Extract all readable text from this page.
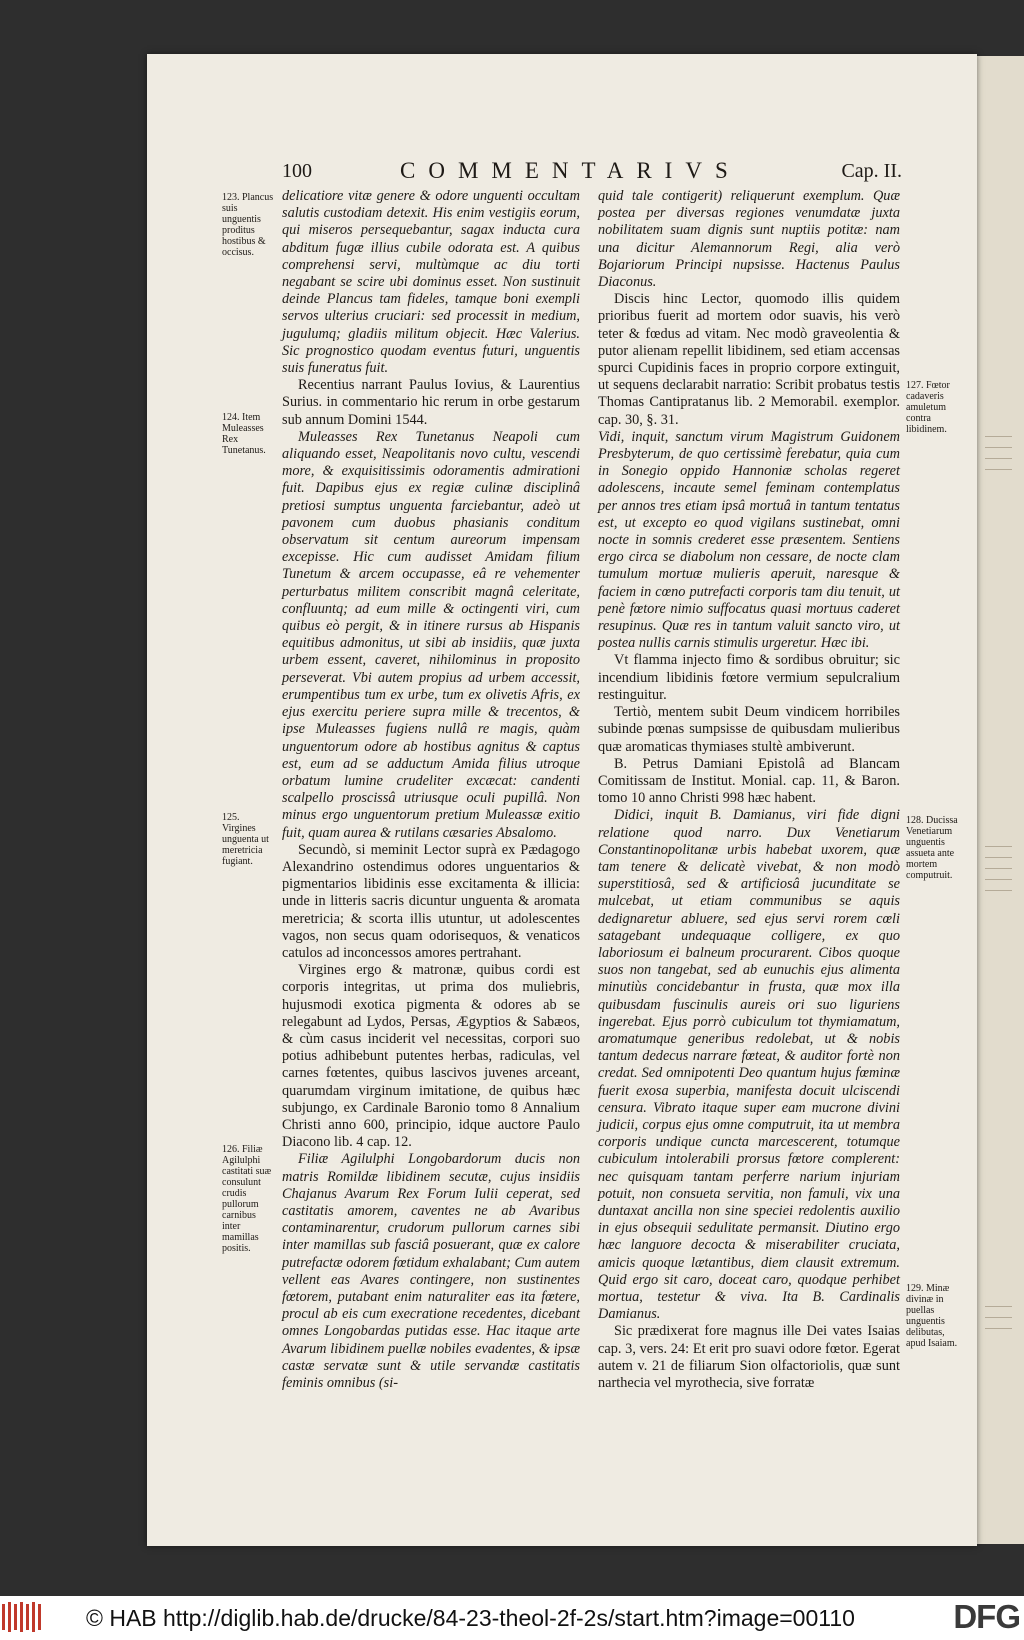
100	COMMENTARIVS	Cap. II.

delicatiore vitæ genere & odore unguenti occultam salutis custodiam detexit. His enim vestigiis eorum, qui miseros persequebantur, sagax inducta cura abditum fugæ illius cubile odorata est. A quibus comprehensi servi, multùmque ac diu torti negabant se scire ubi dominus esset. Non sustinuit deinde Plancus tam fideles, tamque boni exempli servos ulterius cruciari: sed processit in medium, jugulumq; gladiis militum objecit. Hæc Valerius. Sic prognostico quodam eventus futuri, unguentis suis funeratus fuit.

Recentius narrant Paulus Iovius, & Laurentius Surius. in commentario hic rerum in orbe gestarum sub annum Domini 1544.

Muleasses Rex Tunetanus Neapoli cum aliquando esset, Neapolitanis novo cultu, vescendi more, & exquisitissimis odoramentis admirationi fuit. Dapibus ejus ex regiæ culinæ disciplinâ pretiosi sumptus unguenta farciebantur, adeò ut pavonem cum duobus phasianis conditum observatum sit centum aureorum impensam excepisse. Hic cum audisset Amidam filium Tunetum & arcem occupasse, eâ re vehementer perturbatus militem conscribit magnâ celeritate, confluuntq; ad eum mille & octingenti viri, cum quibus eò pergit, & in itinere rursus ab Hispanis equitibus admonitus, ut sibi ab insidiis, quæ juxta urbem essent, caveret, nihilominus in proposito perseverat. Vbi autem propius ad urbem accessit, erumpentibus tum ex urbe, tum ex olivetis Afris, ex ejus exercitu periere supra mille & trecentos, & ipse Muleasses fugiens nullâ re magis, quàm unguentorum odore ab hostibus agnitus & captus est, eum ad se adductum Amida filius utroque orbatum lumine crudeliter excæcat: candenti scalpello proscissâ utriusque oculi pupillâ. Non minus ergo unguentorum pretium Muleassæ exitio fuit, quam aurea & rutilans cæsaries Absalomo.

Secundò, si meminit Lector suprà ex Pædagogo Alexandrino ostendimus odores unguentarios & pigmentarios libidinis esse excitamenta & illicia: unde in litteris sacris dicuntur unguenta & aromata meretricia; & scorta illis utuntur, ut adolescentes vagos, non secus quam odorisequos, & venaticos catulos ad inconcessos amores pertrahant.

Virgines ergo & matronæ, quibus cordi est corporis integritas, ut prima dos muliebris, hujusmodi exotica pigmenta & odores ab se relegabunt ad Lydos, Persas, Ægyptios & Sabæos, & cùm casus inciderit vel necessitas, corpori suo potius adhibebunt putentes herbas, radiculas, vel carnes fœtentes, quibus lascivos juvenes arceant, quarumdam virginum imitatione, de quibus hæc subjungo, ex Cardinale Baronio tomo 8 Annalium Christi anno 600, principio, idque auctore Paulo Diacono lib. 4 cap. 12.

Filiæ Agilulphi Longobardorum ducis non matris Romildæ libidinem secutæ, cujus insidiis Chajanus Avarum Rex Forum Iulii ceperat, sed castitatis amorem, caventes ne ab Avaribus contaminarentur, crudorum pullorum carnes sibi inter mamillas sub fasciâ posuerant, quæ ex calore putrefactæ odorem fœtidum exhalabant; Cum autem vellent eas Avares contingere, non sustinentes fœtorem, putabant enim naturaliter eas ita fœtere, procul ab eis cum execratione recedentes, dicebant omnes Longobardas putidas esse. Hac itaque arte Avarum libidinem puellæ nobiles evadentes, & ipsæ castæ servatæ sunt & utile servandæ castitatis feminis omnibus (si-

quid tale contigerit) reliquerunt exemplum. Quæ postea per diversas regiones venumdatæ juxta nobilitatem suam dignis sunt nuptiis potitæ: nam una dicitur Alemannorum Regi, alia verò Bojariorum Principi nupsisse. Hactenus Paulus Diaconus.

Discis hinc Lector, quomodo illis quidem prioribus fuerit ad mortem odor suavis, his verò teter & fœdus ad vitam. Nec modò graveolentia & putor alienam repellit libidinem, sed etiam accensas spurci Cupidinis faces in proprio corpore extinguit, ut sequens declarabit narratio: Scribit probatus testis Thomas Cantipratanus lib. 2 Memorabil. exemplor. cap. 30, §. 31.

Vidi, inquit, sanctum virum Magistrum Guidonem Presbyterum, de quo certissimè ferebatur, quia cum in Sonegio oppido Hannoniæ scholas regeret adolescens, incaute semel feminam contemplatus per annos tres etiam ipsâ mortuâ in tantum tentatus est, ut excepto eo quod vigilans sustinebat, omni nocte in somnis crederet esse præsentem. Sentiens ergo circa se diabolum non cessare, de nocte clam tumulum mortuæ mulieris aperuit, naresque & faciem in cœno putrefacti corporis tam diu tenuit, ut penè fœtore nimio suffocatus quasi mortuus caderet resupinus. Quæ res in tantum valuit sancto viro, ut postea nullis carnis stimulis urgeretur. Hæc ibi.

Vt flamma injecto fimo & sordibus obruitur; sic incendium libidinis fœtore vermium sepulcralium restinguitur.

Tertiò, mentem subit Deum vindicem horribiles subinde pœnas sumpsisse de quibusdam mulieribus quæ aromaticas thymiases stultè ambiverunt.

B. Petrus Damiani Epistolâ ad Blancam Comitissam de Institut. Monial. cap. 11, & Baron. tomo 10 anno Christi 998 hæc habent.

Didici, inquit B. Damianus, viri fide digni relatione quod narro. Dux Venetiarum Constantinopolitanæ urbis habebat uxorem, quæ tam tenere & delicatè vivebat, & non modò superstitiosâ, sed & artificiosâ jucunditate se mulcebat, ut etiam communibus se aquis dedignaretur abluere, sed ejus servi rorem cœli satagebant undequaque colligere, ex quo laboriosum ei balneum procurarent. Cibos quoque suos non tangebat, sed ab eunuchis ejus alimenta minutiùs concidebantur in frusta, quæ mox illa quibusdam fuscinulis aureis ori suo liguriens ingerebat. Ejus porrò cubiculum tot thymiamatum, aromatumque generibus redolebat, ut & nobis tantum dedecus narrare fœteat, & auditor fortè non credat. Sed omnipotenti Deo quantum hujus fœminæ fuerit exosa superbia, manifesta docuit ulciscendi censura. Vibrato itaque super eam mucrone divini judicii, corpus ejus omne computruit, ita ut membra corporis undique cuncta marcescerent, totumque cubiculum intolerabili prorsus fœtore complerent: nec quisquam tantam perferre narium injuriam potuit, non consueta servitia, non famuli, vix una duntaxat ancilla non sine speciei redolentis auxilio in ejus obsequii sedulitate permansit. Diutino ergo hæc languore decocta & miserabiliter cruciata, amicis quoque lætantibus, diem clausit extremum. Quid ergo sit caro, doceat caro, quodque perhibet mortua, testetur & viva. Ita B. Cardinalis Damianus.

Sic prædixerat fore magnus ille Dei vates Isaias cap. 3, vers. 24: Et erit pro suavi odore fœtor. Egerat autem v. 21 de filiarum Sion olfactoriolis, quæ sunt narthecia vel myrothecia, sive forratæ

123. Plancus suis unguentis proditus hostibus & occisus.
124. Item Muleasses Rex Tunetanus.
125. Virgines unguenta ut meretricia fugiant.
126. Filiæ Agilulphi castitati suæ consulunt crudis pullorum carnibus inter mamillas positis.
127. Fœtor cadaveris amuletum contra libidinem.
128. Ducissa Venetiarum unguentis assueta ante mortem computruit.
129. Minæ divinæ in puellas unguentis delibutas, apud Isaiam.
© HAB http://diglib.hab.de/drucke/84-23-theol-2f-2s/start.htm?image=00110	DFG
